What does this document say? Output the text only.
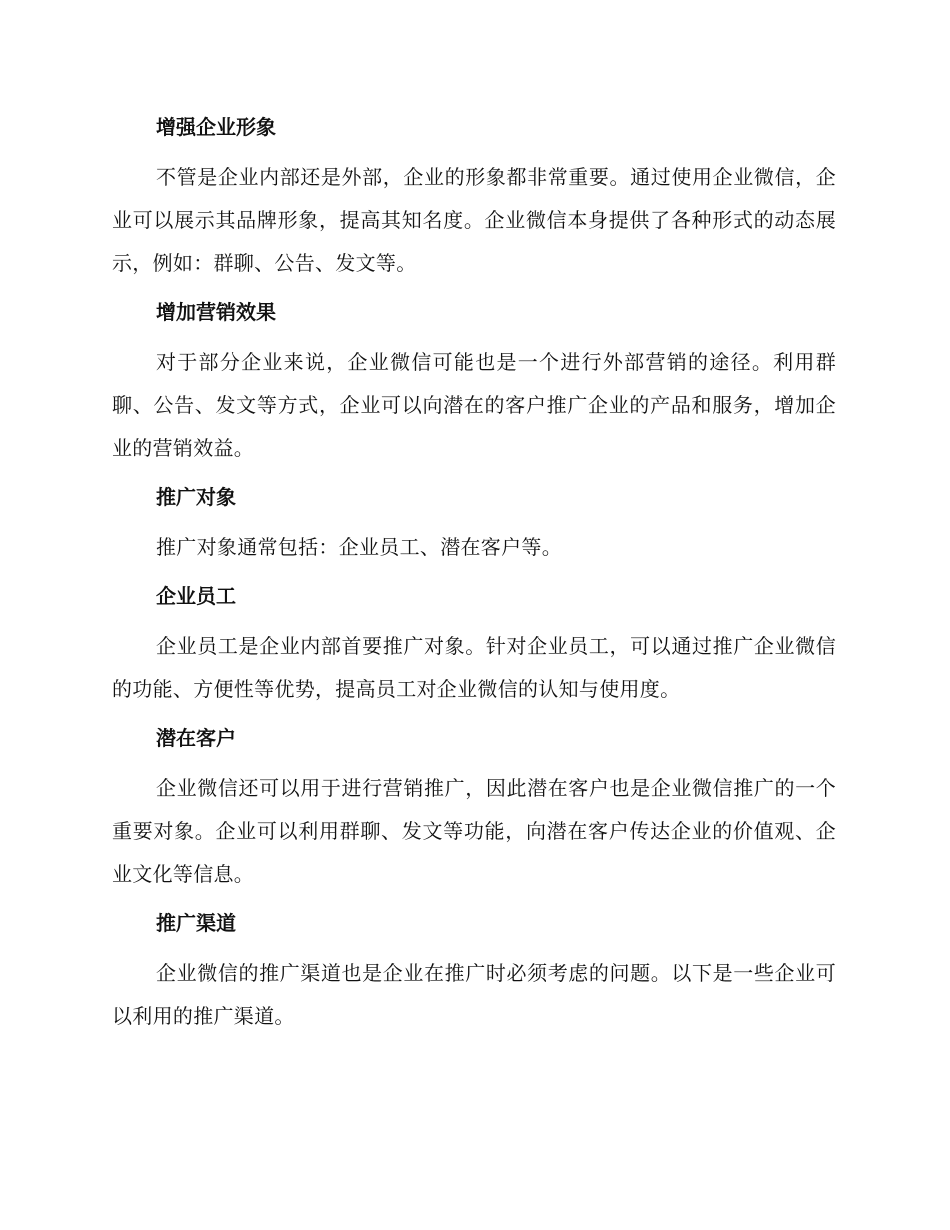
增强企业形象

不管是企业内部还是外部，企业的形象都非常重要。通过使用企业微信，企业可以展示其品牌形象，提高其知名度。企业微信本身提供了各种形式的动态展示，例如：群聊、公告、发文等。

增加营销效果

对于部分企业来说，企业微信可能也是一个进行外部营销的途径。利用群聊、公告、发文等方式，企业可以向潜在的客户推广企业的产品和服务，增加企业的营销效益。

推广对象

推广对象通常包括：企业员工、潜在客户等。

企业员工

企业员工是企业内部首要推广对象。针对企业员工，可以通过推广企业微信的功能、方便性等优势，提高员工对企业微信的认知与使用度。

潜在客户

企业微信还可以用于进行营销推广，因此潜在客户也是企业微信推广的一个重要对象。企业可以利用群聊、发文等功能，向潜在客户传达企业的价值观、企业文化等信息。

推广渠道

企业微信的推广渠道也是企业在推广时必须考虑的问题。以下是一些企业可以利用的推广渠道。
